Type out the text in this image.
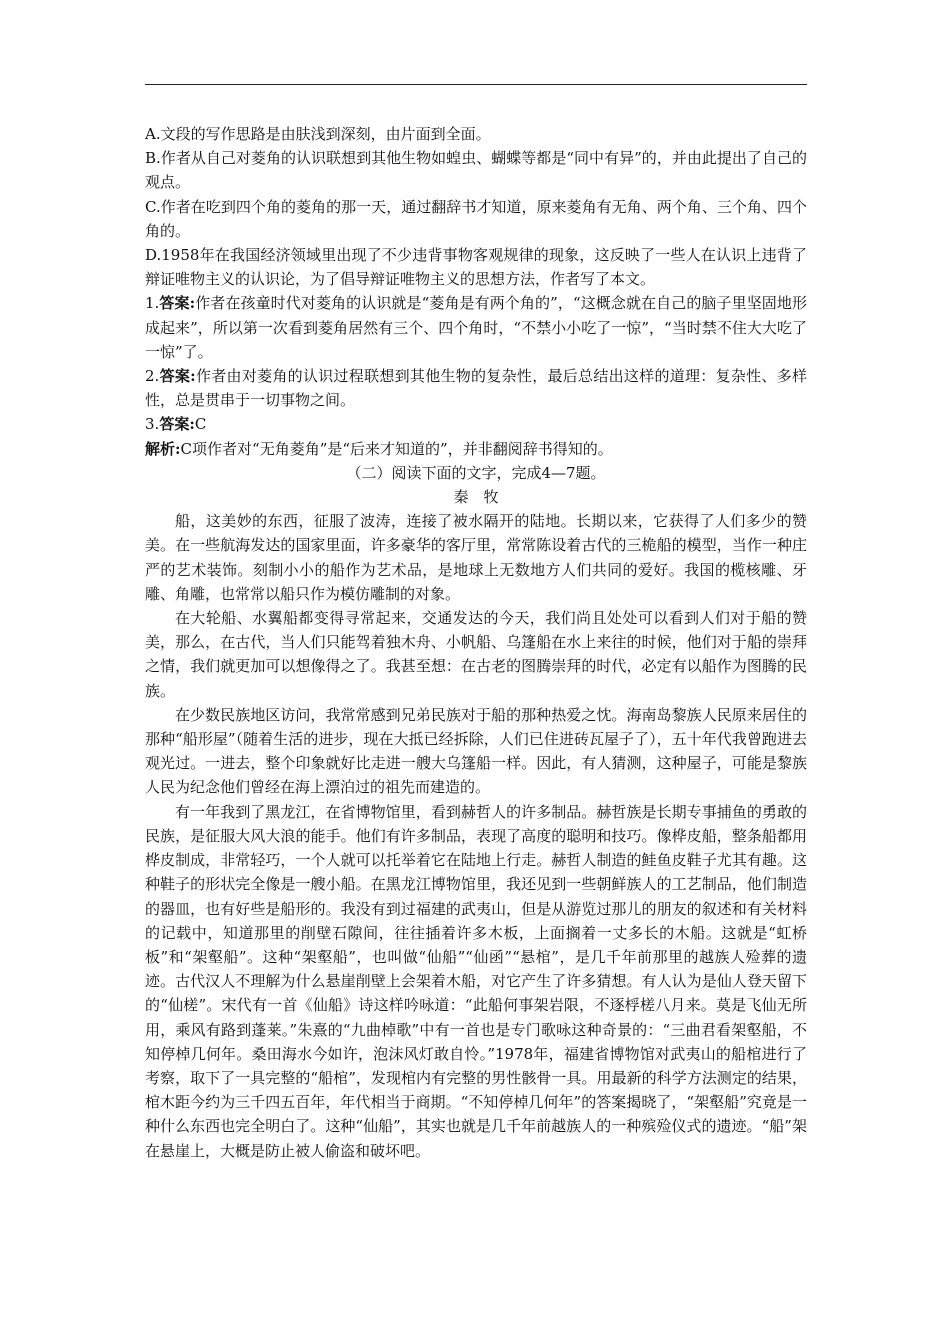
A.文段的写作思路是由肤浅到深刻，由片面到全面。

B.作者从自己对菱角的认识联想到其他生物如蝗虫、蝴蝶等都是“同中有异”的，并由此提出了自己的观点。

C.作者在吃到四个角的菱角的那一天，通过翻辞书才知道，原来菱角有无角、两个角、三个角、四个角的。

D.1958年在我国经济领域里出现了不少违背事物客观规律的现象，这反映了一些人在认识上违背了辩证唯物主义的认识论，为了倡导辩证唯物主义的思想方法，作者写了本文。

1.答案:作者在孩童时代对菱角的认识就是“菱角是有两个角的”，“这概念就在自己的脑子里坚固地形成起来”，所以第一次看到菱角居然有三个、四个角时，“不禁小小吃了一惊”，“当时禁不住大大吃了一惊”了。

2.答案:作者由对菱角的认识过程联想到其他生物的复杂性，最后总结出这样的道理：复杂性、多样性，总是贯串于一切事物之间。

3.答案:C

解析:C项作者对“无角菱角”是“后来才知道的”，并非翻阅辞书得知的。

（二）阅读下面的文字，完成4—7题。

秦　牧

船，这美妙的东西，征服了波涛，连接了被水隔开的陆地。长期以来，它获得了人们多少的赞美。在一些航海发达的国家里面，许多豪华的客厅里，常常陈设着古代的三桅船的模型，当作一种庄严的艺术装饰。刻制小小的船作为艺术品，是地球上无数地方人们共同的爱好。我国的榄核雕、牙雕、角雕，也常常以船只作为模仿雕制的对象。

在大轮船、水翼船都变得寻常起来，交通发达的今天，我们尚且处处可以看到人们对于船的赞美，那么，在古代，当人们只能驾着独木舟、小帆船、乌篷船在水上来往的时候，他们对于船的崇拜之情，我们就更加可以想像得之了。我甚至想：在古老的图腾崇拜的时代，必定有以船作为图腾的民族。

在少数民族地区访问，我常常感到兄弟民族对于船的那种热爱之忱。海南岛黎族人民原来居住的那种“船形屋”（随着生活的进步，现在大抵已经拆除，人们已住进砖瓦屋子了），五十年代我曾跑进去观光过。一进去，整个印象就好比走进一艘大乌篷船一样。因此，有人猜测，这种屋子，可能是黎族人民为纪念他们曾经在海上漂泊过的祖先而建造的。

有一年我到了黑龙江，在省博物馆里，看到赫哲人的许多制品。赫哲族是长期专事捕鱼的勇敢的民族，是征服大风大浪的能手。他们有许多制品，表现了高度的聪明和技巧。像桦皮船，整条船都用桦皮制成，非常轻巧，一个人就可以托举着它在陆地上行走。赫哲人制造的鲑鱼皮鞋子尤其有趣。这种鞋子的形状完全像是一艘小船。在黑龙江博物馆里，我还见到一些朝鲜族人的工艺制品，他们制造的器皿，也有好些是船形的。我没有到过福建的武夷山，但是从游览过那儿的朋友的叙述和有关材料的记载中，知道那里的削壁石隙间，往往插着许多木板，上面搁着一丈多长的木船。这就是“虹桥板”和“架壑船”。这种“架壑船”，也叫做“仙船”“仙函”“悬棺”，是几千年前那里的越族人殓葬的遗迹。古代汉人不理解为什么悬崖削壁上会架着木船，对它产生了许多猜想。有人认为是仙人登天留下的“仙槎”。宋代有一首《仙船》诗这样吟咏道：“此船何事架岩限，不逐桴槎八月来。莫是飞仙无所用，乘风有路到蓬莱。”朱熹的“九曲棹歌”中有一首也是专门歌咏这种奇景的：“三曲君看架壑船，不知停棹几何年。桑田海水今如许，泡沫风灯敢自怜。”1978年，福建省博物馆对武夷山的船棺进行了考察，取下了一具完整的“船棺”，发现棺内有完整的男性骸骨一具。用最新的科学方法测定的结果，棺木距今约为三千四五百年，年代相当于商期。“不知停棹几何年”的答案揭晓了，“架壑船”究竟是一种什么东西也完全明白了。这种“仙船”，其实也就是几千年前越族人的一种殡殓仪式的遗迹。“船”架在悬崖上，大概是防止被人偷盗和破坏吧。
